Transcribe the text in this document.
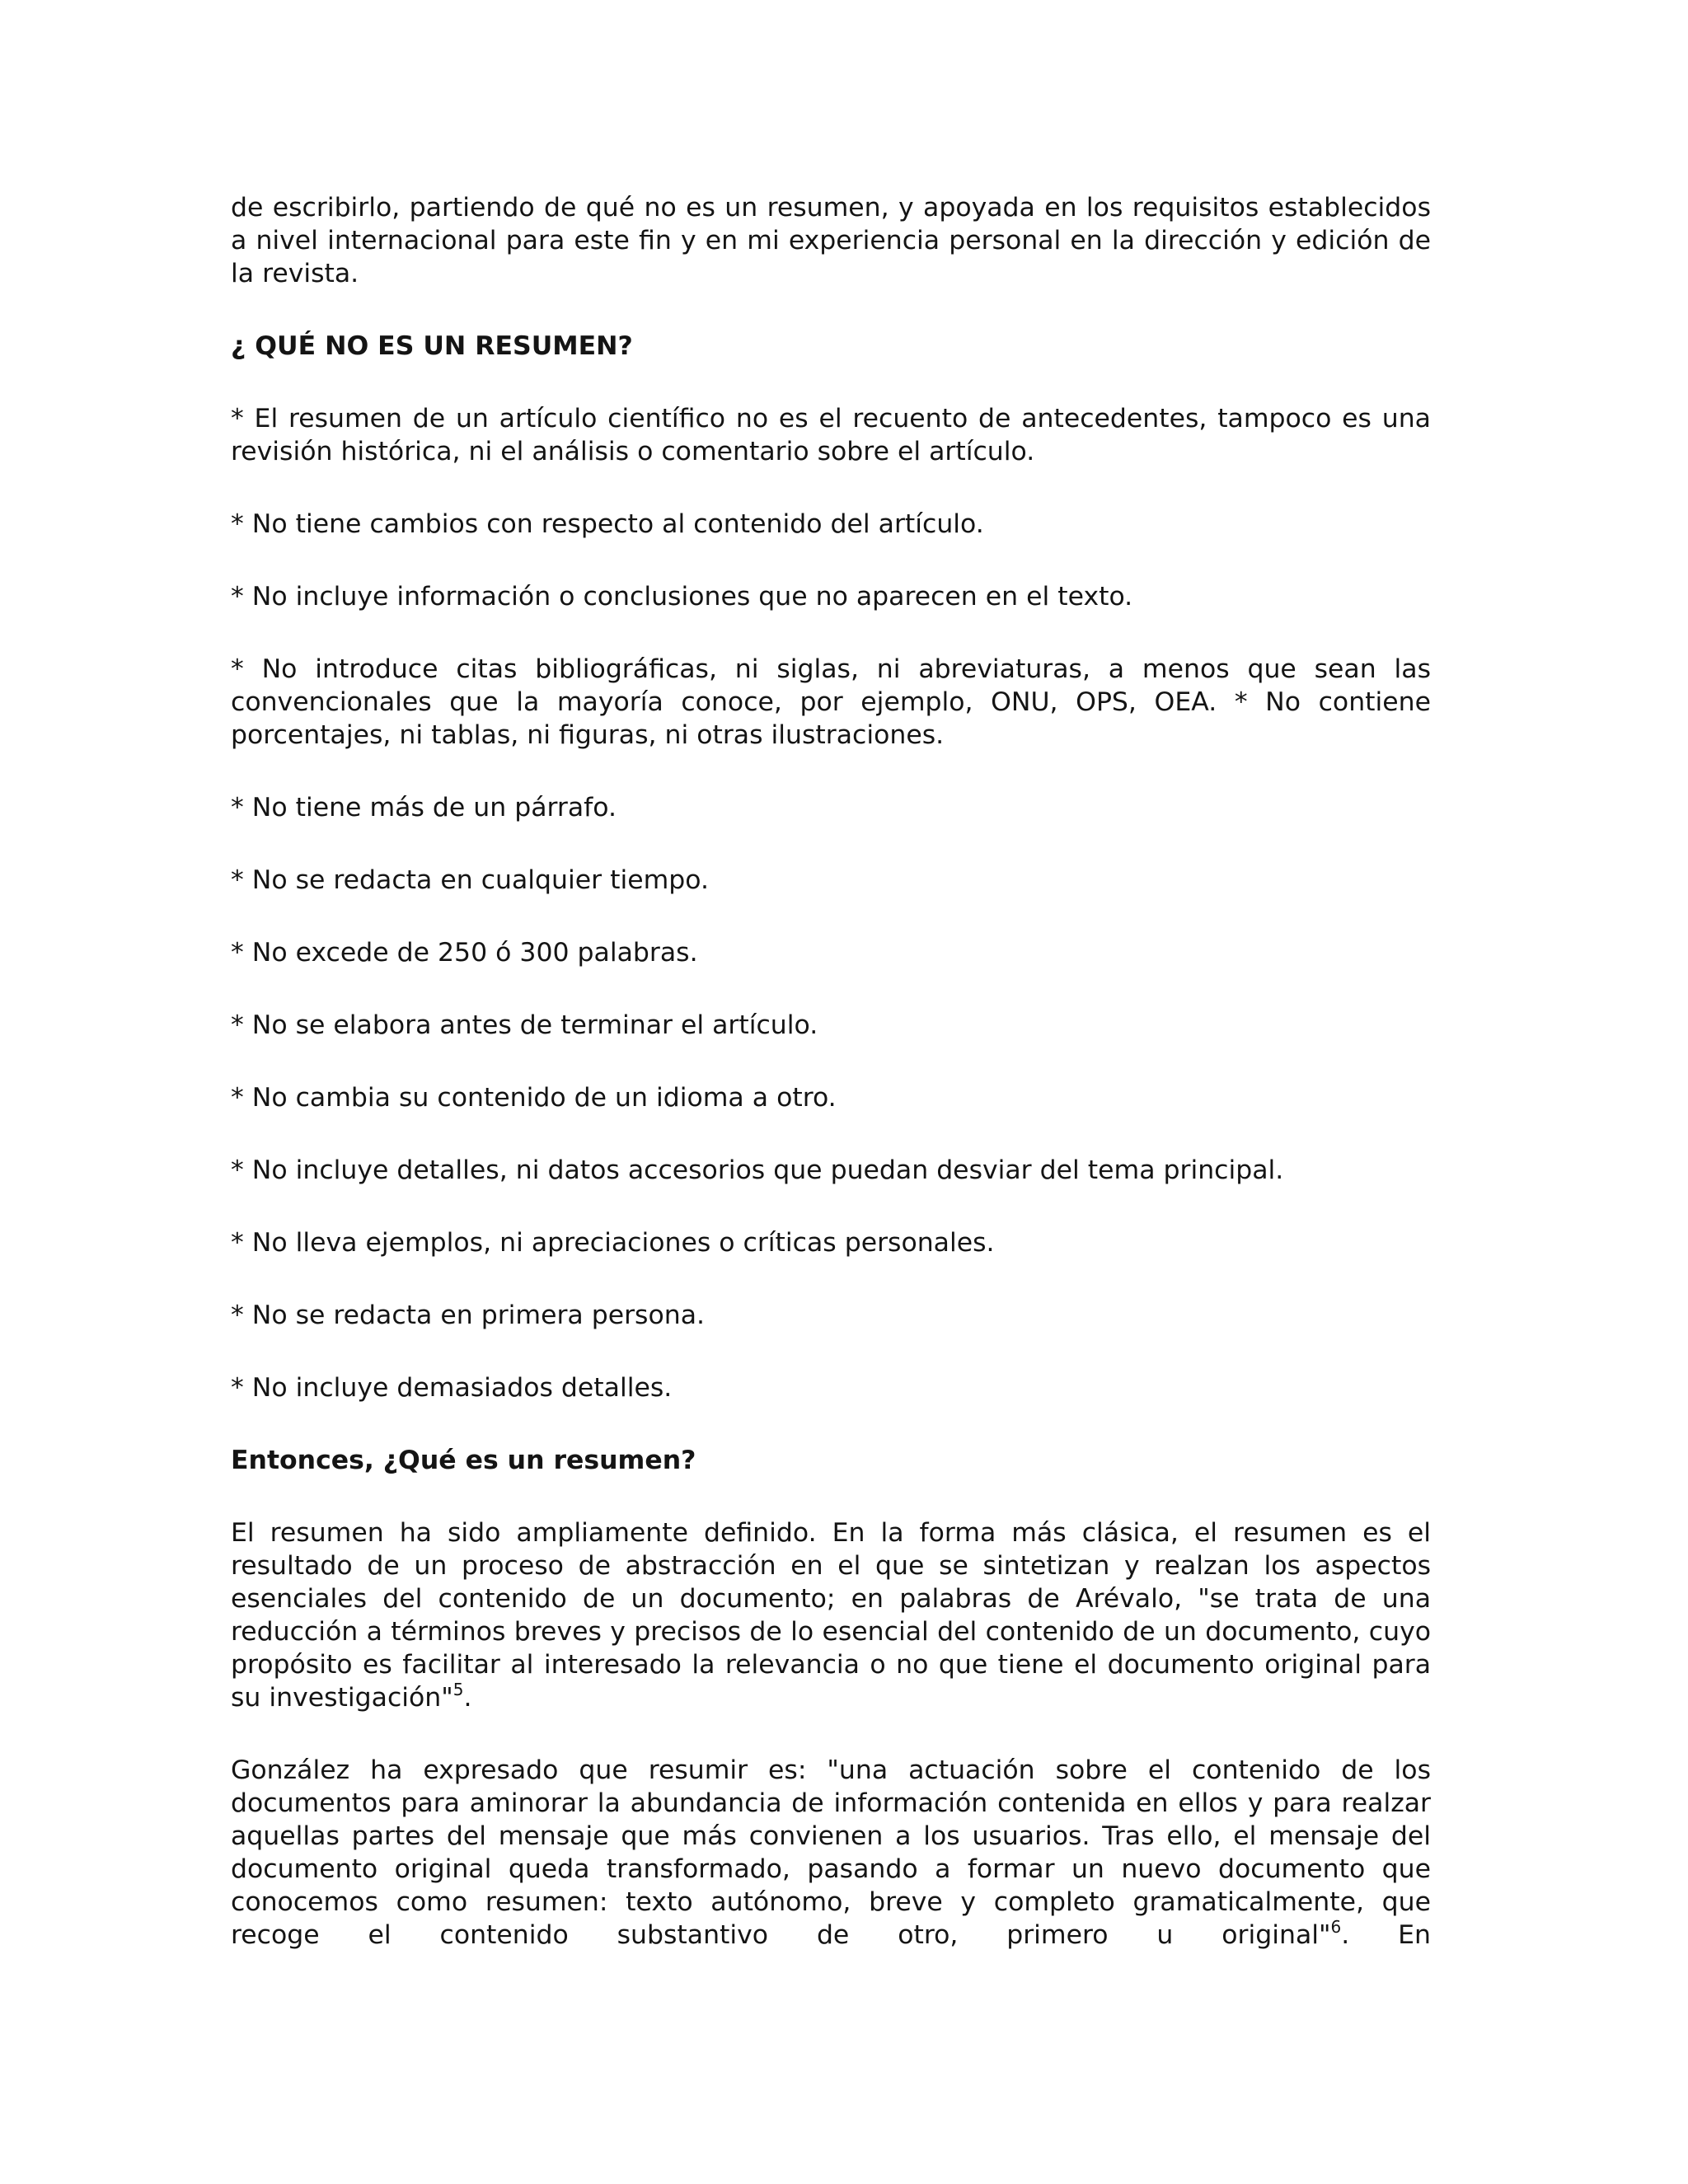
de escribirlo, partiendo de qué no es un resumen, y apoyada en los requisitos establecidos a nivel internacional para este fin y en mi experiencia personal en la dirección y edición de la revista.

¿ QUÉ NO ES UN RESUMEN?

* El resumen de un artículo científico no es el recuento de antecedentes, tampoco es una revisión histórica, ni el análisis o comentario sobre el artículo.

* No tiene cambios con respecto al contenido del artículo.

* No incluye información o conclusiones que no aparecen en el texto.

* No introduce citas bibliográficas, ni siglas, ni abreviaturas, a menos que sean las convencionales que la mayoría conoce, por ejemplo, ONU, OPS, OEA. * No contiene porcentajes, ni tablas, ni figuras, ni otras ilustraciones.

* No tiene más de un párrafo.

* No se redacta en cualquier tiempo.

* No excede de 250 ó 300 palabras.

* No se elabora antes de terminar el artículo.

* No cambia su contenido de un idioma a otro.

* No incluye detalles, ni datos accesorios que puedan desviar del tema principal.

* No lleva ejemplos, ni apreciaciones o críticas personales.

* No se redacta en primera persona.

* No incluye demasiados detalles.

Entonces, ¿Qué es un resumen?

El resumen ha sido ampliamente definido. En la forma más clásica, el resumen es el resultado de un proceso de abstracción en el que se sintetizan y realzan los aspectos esenciales del contenido de un documento; en palabras de Arévalo, "se trata de una reducción a términos breves y precisos de lo esencial del contenido de un documento, cuyo propósito es facilitar al interesado la relevancia o no que tiene el documento original para su investigación"$^5$.

González ha expresado que resumir es: "una actuación sobre el contenido de los documentos para aminorar la abundancia de información contenida en ellos y para realzar aquellas partes del mensaje que más convienen a los usuarios. Tras ello, el mensaje del documento original queda transformado, pasando a formar un nuevo documento que conocemos como resumen: texto autónomo, breve y completo gramaticalmente, que recoge el contenido substantivo de otro, primero u original"$^6$. En
